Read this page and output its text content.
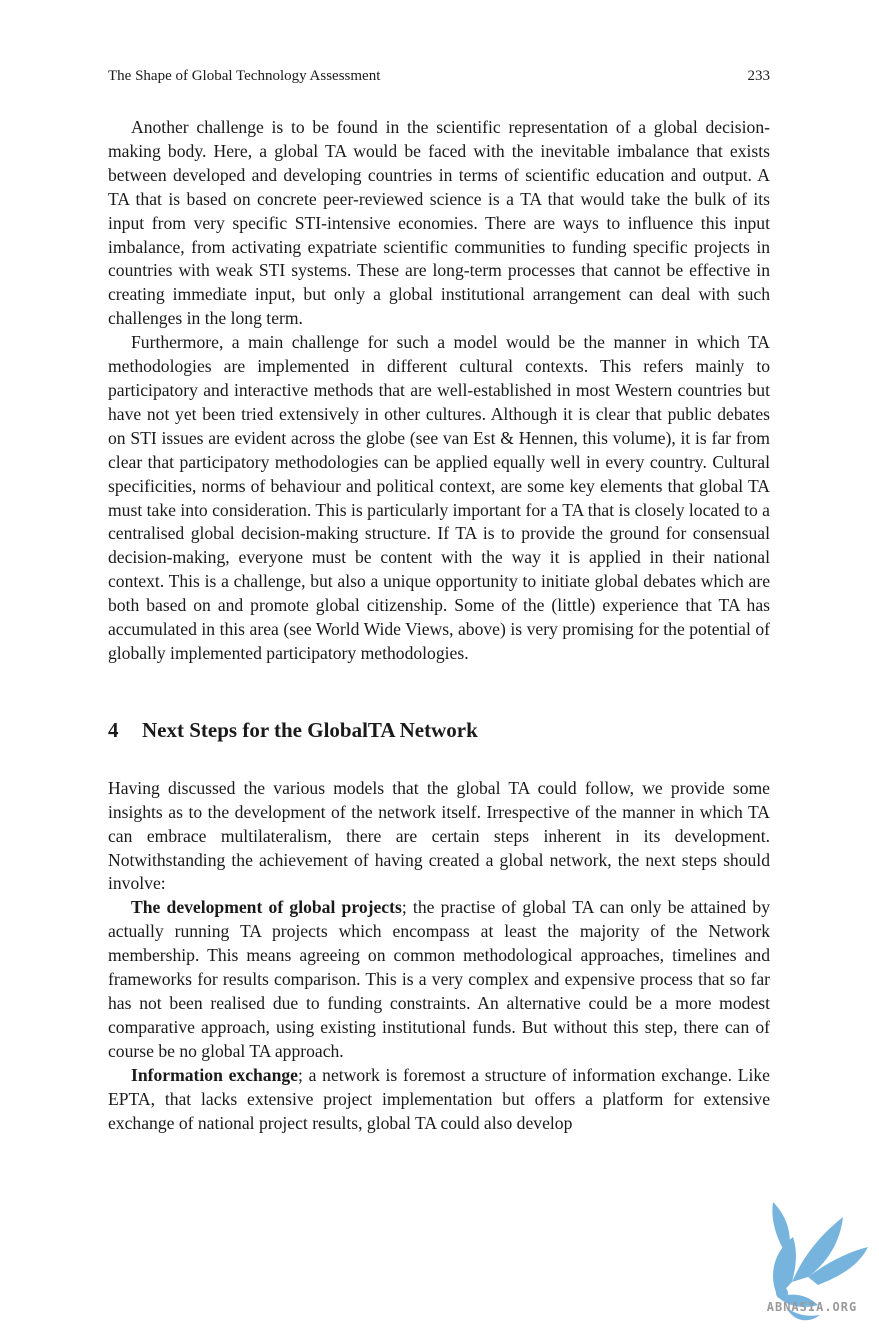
The Shape of Global Technology Assessment	233

Another challenge is to be found in the scientific representation of a global decision-making body. Here, a global TA would be faced with the inevitable imbalance that exists between developed and developing countries in terms of scientific education and output. A TA that is based on concrete peer-reviewed science is a TA that would take the bulk of its input from very specific STI-intensive economies. There are ways to influence this input imbalance, from activating expatriate scientific communities to funding specific projects in countries with weak STI systems. These are long-term processes that cannot be effective in creating immediate input, but only a global institutional arrangement can deal with such challenges in the long term.

Furthermore, a main challenge for such a model would be the manner in which TA methodologies are implemented in different cultural contexts. This refers mainly to participatory and interactive methods that are well-established in most Western countries but have not yet been tried extensively in other cultures. Although it is clear that public debates on STI issues are evident across the globe (see van Est & Hennen, this volume), it is far from clear that participatory methodologies can be applied equally well in every country. Cultural specificities, norms of behaviour and political context, are some key elements that global TA must take into consideration. This is particularly important for a TA that is closely located to a centralised global decision-making structure. If TA is to provide the ground for consensual decision-making, everyone must be content with the way it is applied in their national context. This is a challenge, but also a unique opportunity to initiate global debates which are both based on and promote global citizenship. Some of the (little) experience that TA has accumulated in this area (see World Wide Views, above) is very promising for the potential of globally implemented participatory methodologies.

4 Next Steps for the GlobalTA Network

Having discussed the various models that the global TA could follow, we provide some insights as to the development of the network itself. Irrespective of the manner in which TA can embrace multilateralism, there are certain steps inherent in its development. Notwithstanding the achievement of having created a global network, the next steps should involve:

The development of global projects; the practise of global TA can only be attained by actually running TA projects which encompass at least the majority of the Network membership. This means agreeing on common methodological approaches, timelines and frameworks for results comparison. This is a very complex and expensive process that so far has not been realised due to funding constraints. An alternative could be a more modest comparative approach, using existing institutional funds. But without this step, there can of course be no global TA approach.

Information exchange; a network is foremost a structure of information exchange. Like EPTA, that lacks extensive project implementation but offers a platform for extensive exchange of national project results, global TA could also develop

ABNASIA.ORG
